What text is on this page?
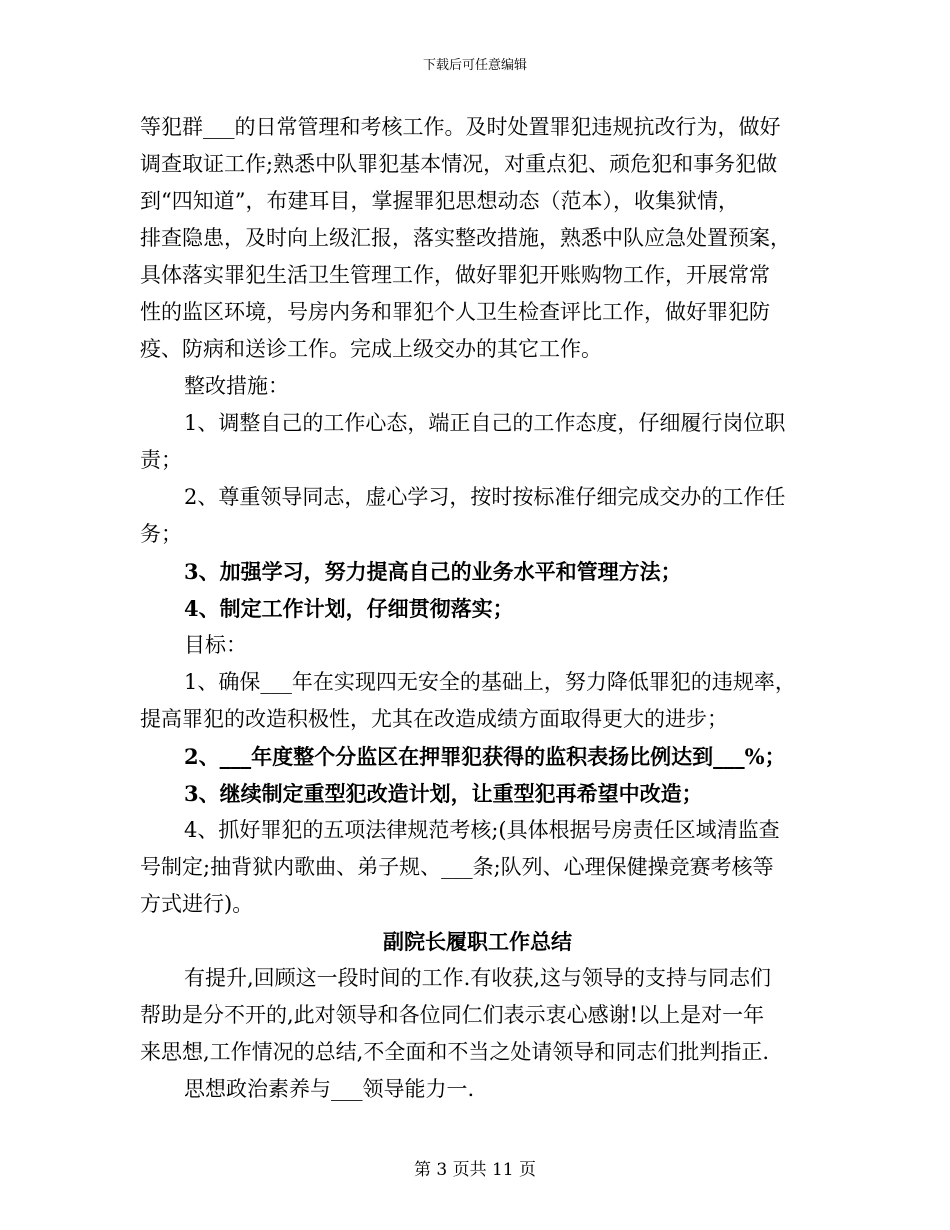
下载后可任意编辑
等犯群___的日常管理和考核工作。及时处置罪犯违规抗改行为，做好
调查取证工作;熟悉中队罪犯基本情况，对重点犯、顽危犯和事务犯做
到“四知道”，布建耳目，掌握罪犯思想动态（范本），收集狱情，
排查隐患，及时向上级汇报，落实整改措施，熟悉中队应急处置预案，
具体落实罪犯生活卫生管理工作，做好罪犯开账购物工作，开展常常
性的监区环境，号房内务和罪犯个人卫生检查评比工作，做好罪犯防
疫、防病和送诊工作。完成上级交办的其它工作。
整改措施：
1、调整自己的工作心态，端正自己的工作态度，仔细履行岗位职
责；
2、尊重领导同志，虚心学习，按时按标准仔细完成交办的工作任
务；
3、加强学习，努力提高自己的业务水平和管理方法；
4、制定工作计划，仔细贯彻落实；
目标：
1、确保___年在实现四无安全的基础上，努力降低罪犯的违规率，
提高罪犯的改造积极性，尤其在改造成绩方面取得更大的进步；
2、___年度整个分监区在押罪犯获得的监积表扬比例达到___%；
3、继续制定重型犯改造计划，让重型犯再希望中改造；
4、抓好罪犯的五项法律规范考核;(具体根据号房责任区域清监查
号制定;抽背狱内歌曲、弟子规、___条;队列、心理保健操竞赛考核等
方式进行)。
副院长履职工作总结
有提升,回顾这一段时间的工作.有收获,这与领导的支持与同志们
帮助是分不开的,此对领导和各位同仁们表示衷心感谢!以上是对一年
来思想,工作情况的总结,不全面和不当之处请领导和同志们批判指正.
思想政治素养与___领导能力一.
第 3 页共 11 页
